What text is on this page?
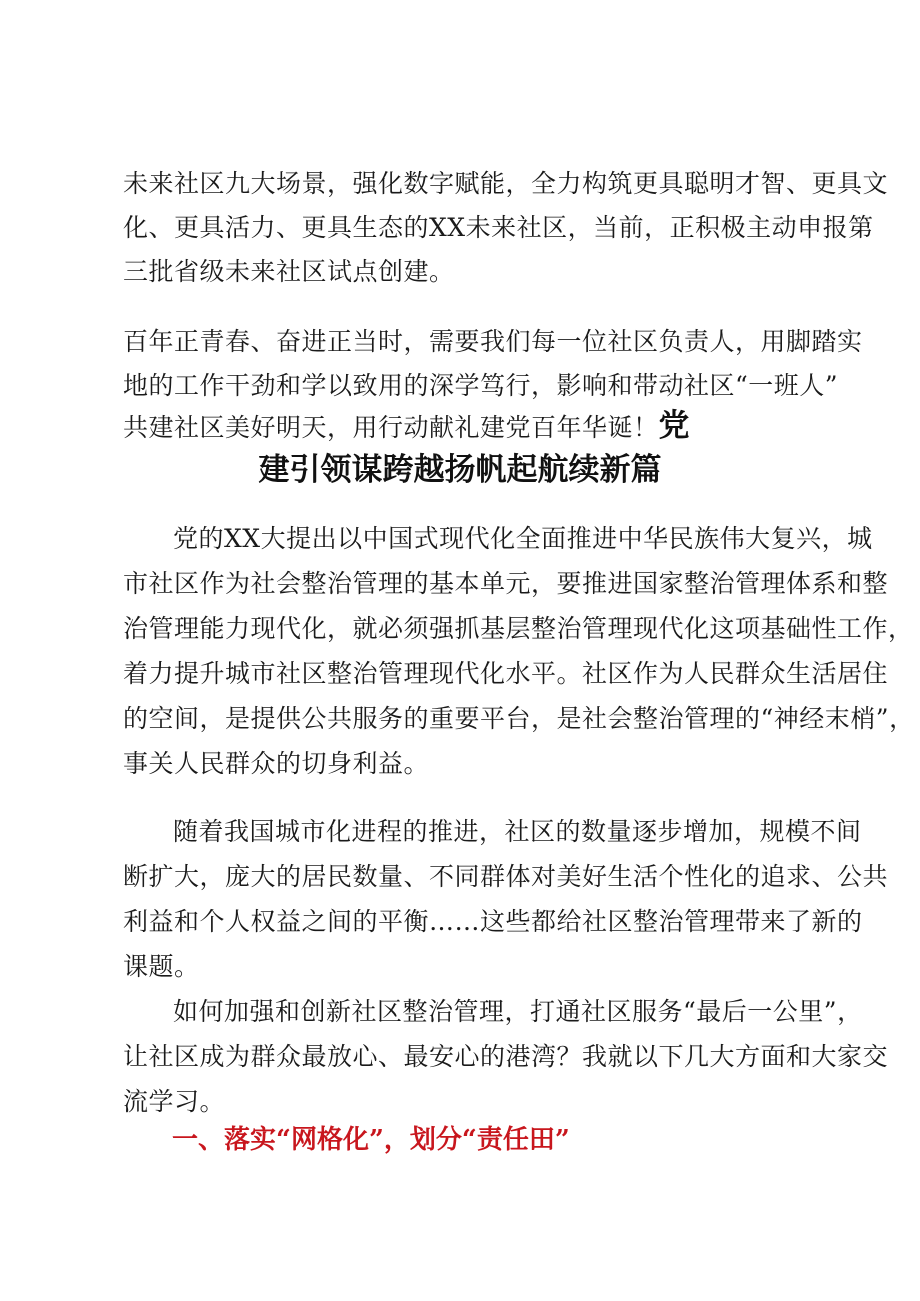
未来社区九大场景，强化数字赋能，全力构筑更具聪明才智、更具文
化、更具活力、更具生态的XX未来社区，当前，正积极主动申报第
三批省级未来社区试点创建。
百年正青春、奋进正当时，需要我们每一位社区负责人，用脚踏实
地的工作干劲和学以致用的深学笃行，影响和带动社区“一班人”
共建社区美好明天，用行动献礼建党百年华诞！党
建引领谋跨越扬帆起航续新篇
党的XX大提出以中国式现代化全面推进中华民族伟大复兴，城
市社区作为社会整治管理的基本单元，要推进国家整治管理体系和整
治管理能力现代化，就必须强抓基层整治管理现代化这项基础性工作，
着力提升城市社区整治管理现代化水平。社区作为人民群众生活居住
的空间，是提供公共服务的重要平台，是社会整治管理的“神经末梢”，
事关人民群众的切身利益。
随着我国城市化进程的推进，社区的数量逐步增加，规模不间
断扩大，庞大的居民数量、不同群体对美好生活个性化的追求、公共
利益和个人权益之间的平衡……这些都给社区整治管理带来了新的
课题。
如何加强和创新社区整治管理，打通社区服务“最后一公里”，
让社区成为群众最放心、最安心的港湾？我就以下几大方面和大家交
流学习。
一、落实“网格化”，划分“责任田”
